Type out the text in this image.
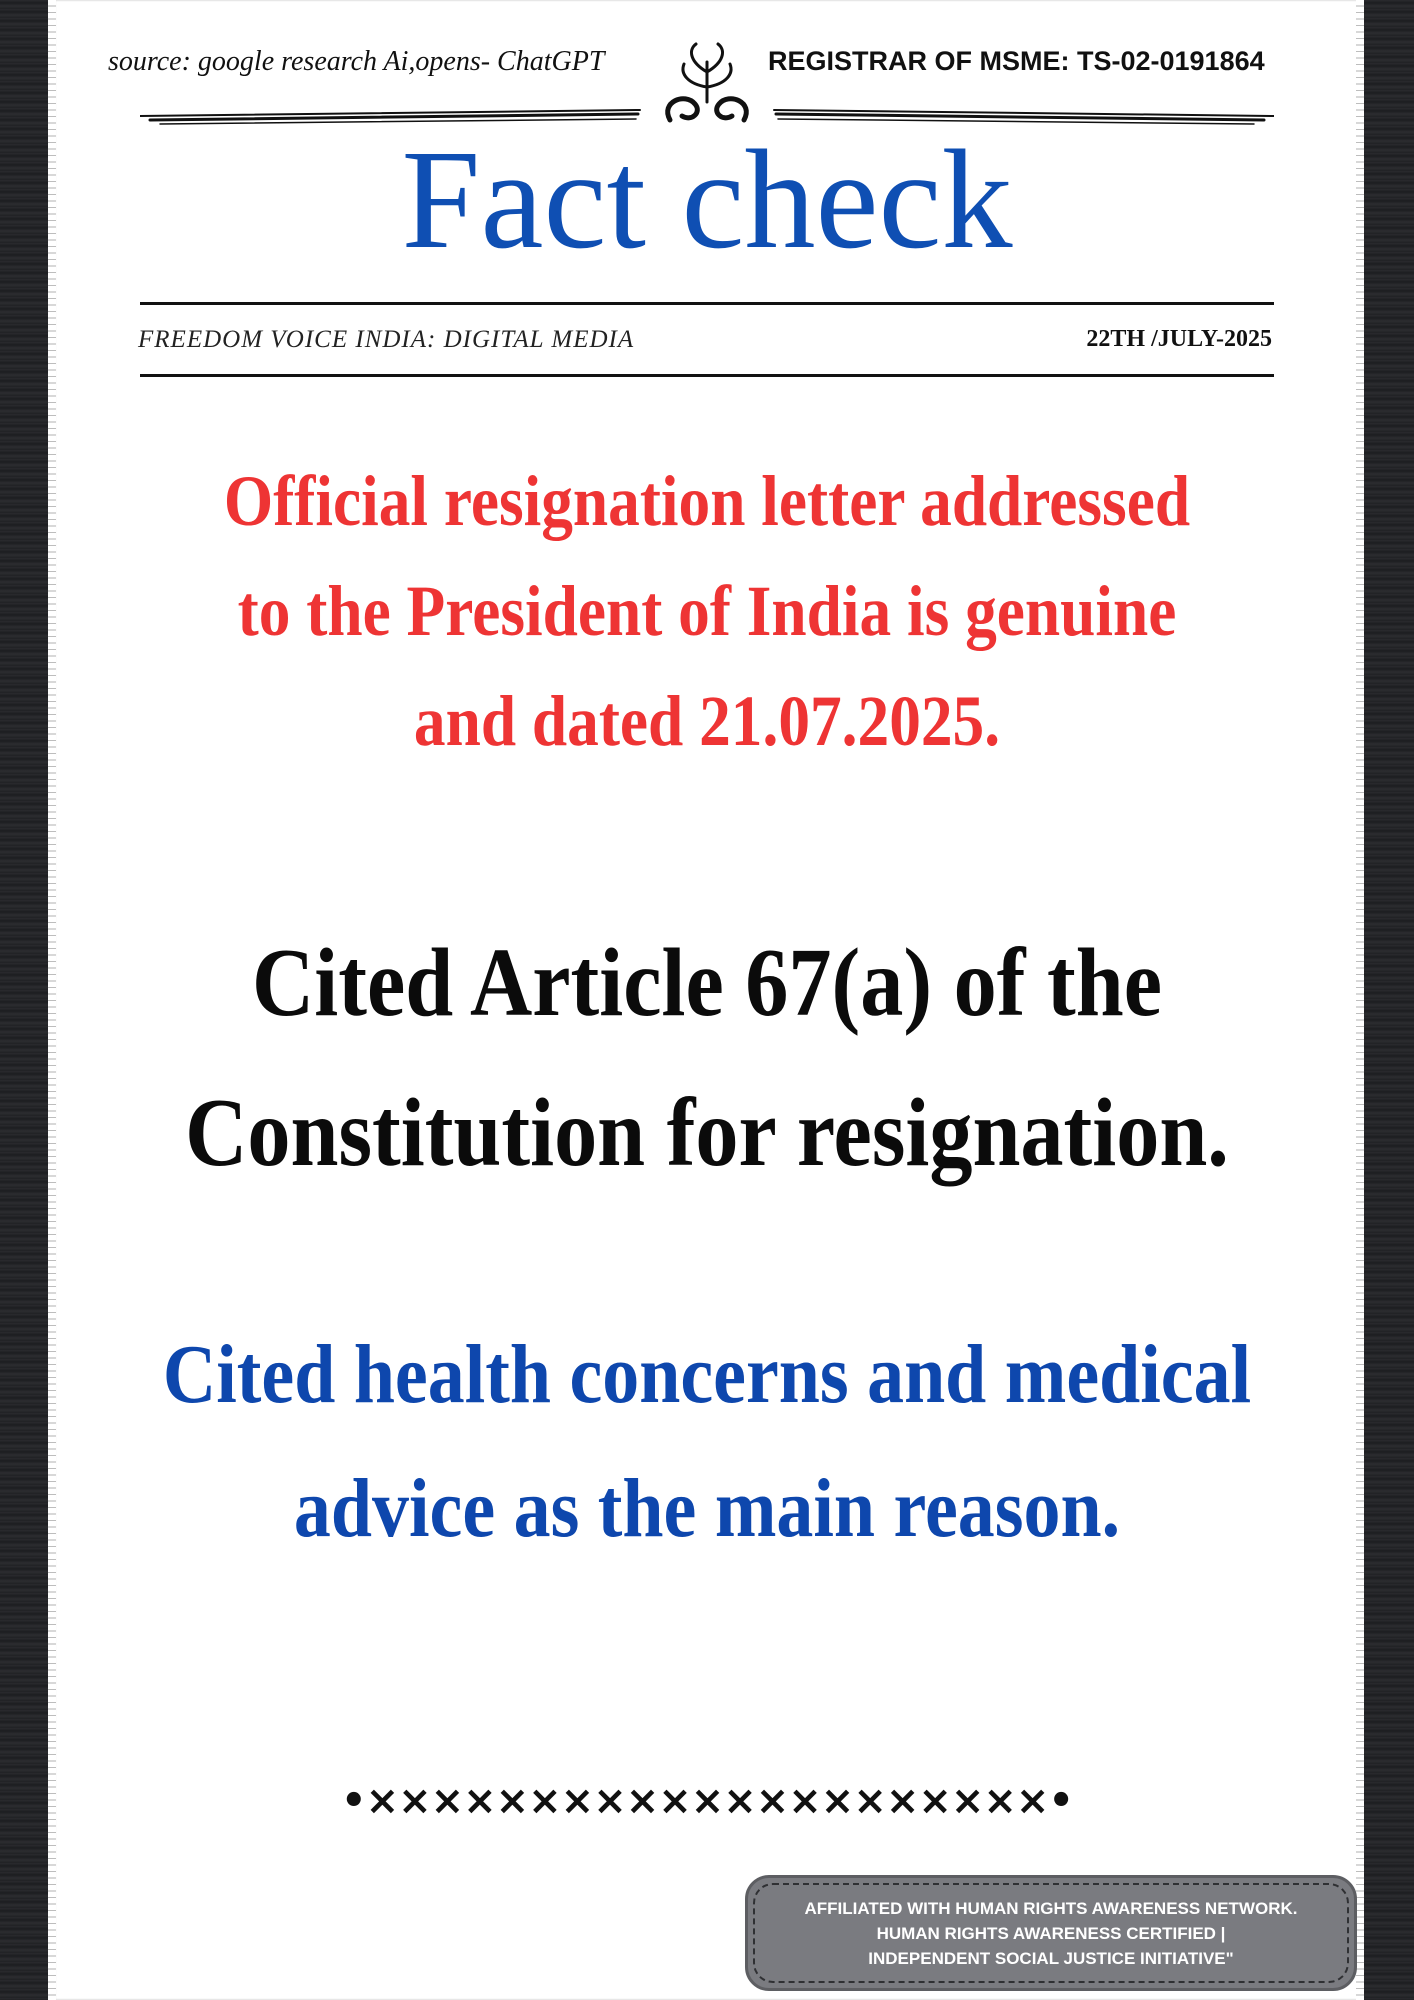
source: google research Ai,opens- ChatGPT	REGISTRAR OF MSME: TS-02-0191864
Fact check
FREEDOM VOICE INDIA: DIGITAL MEDIA	22TH /JULY-2025
Official resignation letter addressed
to the President of India is genuine
and dated 21.07.2025.
Cited Article 67(a) of the
Constitution for resignation.
Cited health concerns and medical
advice as the main reason.
•×××××××××××××××××××××•
AFFILIATED WITH HUMAN RIGHTS AWARENESS NETWORK.
HUMAN RIGHTS AWARENESS CERTIFIED |
INDEPENDENT SOCIAL JUSTICE INITIATIVE"
